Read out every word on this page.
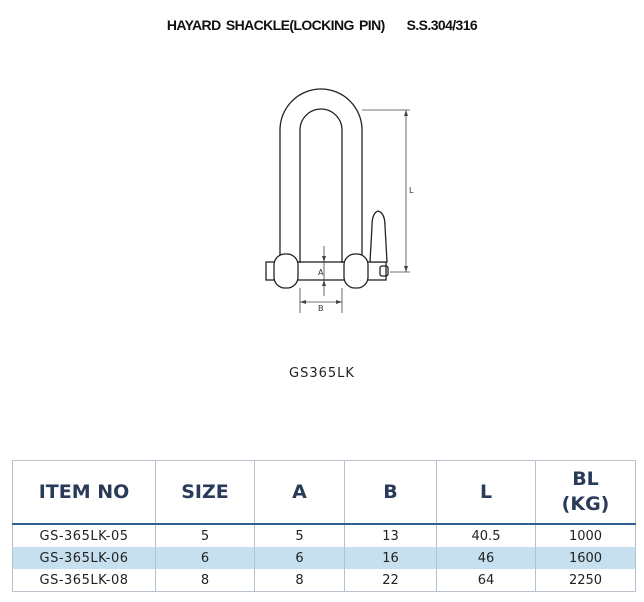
HAYARD SHACKLE(LOCKING PIN) S.S.304/316
L
A
B
GS365LK
ITEM NO	SIZE	A	B	L	BL
(KG)
GS-365LK-05	5	5	13	40.5	1000
GS-365LK-06	6	6	16	46	1600
GS-365LK-08	8	8	22	64	2250
